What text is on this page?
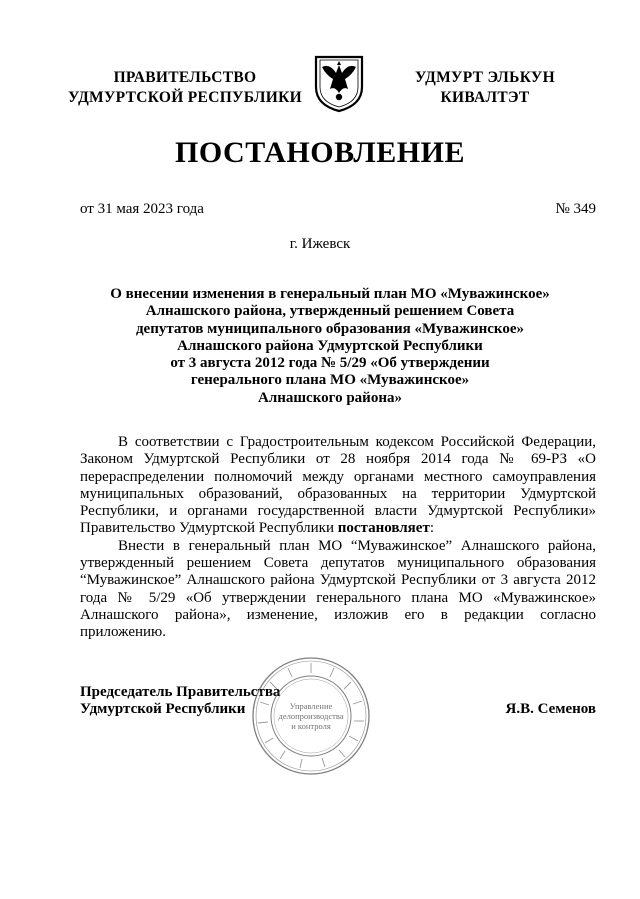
ПРАВИТЕЛЬСТВО
УДМУРТСКОЙ РЕСПУБЛИКИ
УДМУРТ ЭЛЬКУН
КИВАЛТЭТ
ПОСТАНОВЛЕНИЕ
от 31 мая 2023 года	№ 349
г. Ижевск
О внесении изменения в генеральный план МО «Муважинское»
Алнашского района, утвержденный решением Совета
депутатов муниципального образования «Муважинское»
Алнашского района Удмуртской Республики
от 3 августа 2012 года № 5/29 «Об утверждении
генерального плана МО «Муважинское»
Алнашского района»

В соответствии с Градостроительным кодексом Российской Федерации, Законом Удмуртской Республики от 28 ноября 2014 года № 69-РЗ «О перераспределении полномочий между органами местного самоуправления муниципальных образований, образованных на территории Удмуртской Республики, и органами государственной власти Удмуртской Республики» Правительство Удмуртской Республики постановляет:

Внести в генеральный план МО “Муважинское” Алнашского района, утвержденный решением Совета депутатов муниципального образования “Муважинское” Алнашского района Удмуртской Республики от 3 августа 2012 года № 5/29 «Об утверждении генерального плана МО «Муважинское» Алнашского района», изменение, изложив его в редакции согласно приложению.

Председатель Правительства
Удмуртской Республики	Я.В. Семенов
Управление
делопроизводства
и контроля
